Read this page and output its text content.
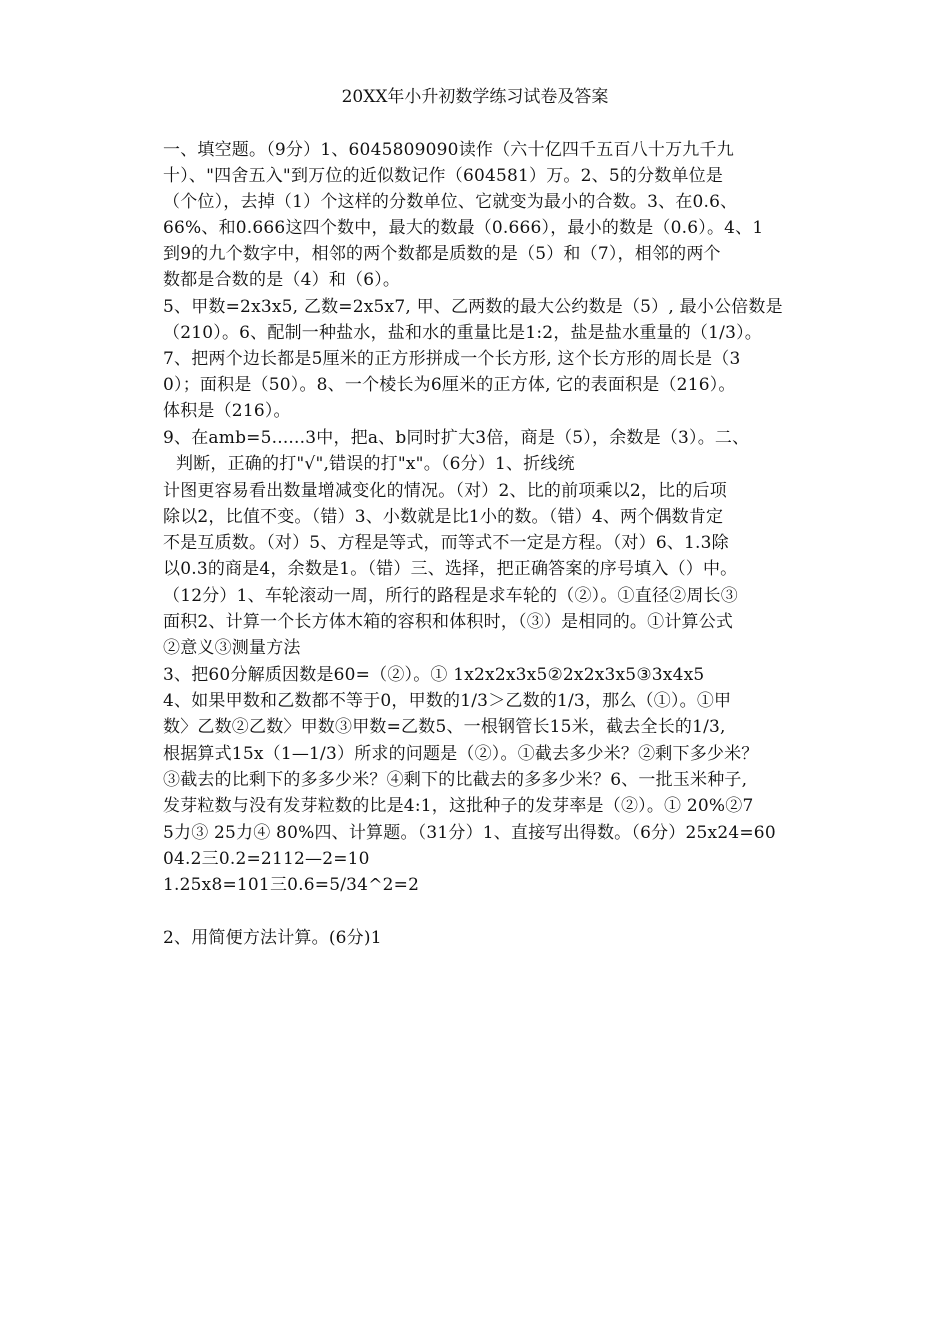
20XX年小升初数学练习试卷及答案
一、填空题。（9分）1、6045809090读作（六十亿四千五百八十万九千九
十）、"四舍五入"到万位的近似数记作（604581）万。2、5的分数单位是
（个位），去掉（1）个这样的分数单位、它就变为最小的合数。3、在0.6、
66%、和0.666这四个数中，最大的数最（0.666），最小的数是（0.6）。4、1
到9的九个数字中，相邻的两个数都是质数的是（5）和（7），相邻的两个
数都是合数的是（4）和（6）。
5、甲数=2x3x5, 乙数=2x5x7, 甲、乙两数的最大公约数是（5）, 最小公倍数是
（210）。6、配制一种盐水，盐和水的重量比是1:2，盐是盐水重量的（1/3）。
7、把两个边长都是5厘米的正方形拼成一个长方形, 这个长方形的周长是（3
0）；面积是（50）。8、一个棱长为6厘米的正方体, 它的表面积是（216）。
体积是（216）。
9、在amb=5......3中，把a、b同时扩大3倍，商是（5），余数是（3）。二、
判断，正确的打"√",错误的打"x"。（6分）1、折线统
计图更容易看出数量增减变化的情况。（对）2、比的前项乘以2，比的后项
除以2，比值不变。（错）3、小数就是比1小的数。（错）4、两个偶数肯定
不是互质数。（对）5、方程是等式，而等式不一定是方程。（对）6、1.3除
以0.3的商是4，余数是1。（错）三、选择，把正确答案的序号填入（）中。
（12分）1、车轮滚动一周，所行的路程是求车轮的（②）。①直径②周长③
面积2、计算一个长方体木箱的容积和体积时，（③）是相同的。①计算公式
②意义③测量方法
3、把60分解质因数是60=（②）。① 1x2x2x3x5②2x2x3x5③3x4x5
4、如果甲数和乙数都不等于0，甲数的1/3＞乙数的1/3，那么（①）。①甲
数〉乙数②乙数〉甲数③甲数=乙数5、一根钢管长15米，截去全长的1/3,
根据算式15x（1—1/3）所求的问题是（②）。①截去多少米？②剩下多少米？
③截去的比剩下的多多少米？④剩下的比截去的多多少米？6、一批玉米种子,
发芽粒数与没有发芽粒数的比是4:1，这批种子的发芽率是（②）。① 20%②7
5力③ 25力④ 80%四、计算题。（31分）1、直接写出得数。（6分）25x24=60
04.2三0.2=2112—2=10
1.25x8=101三0.6=5/34^2=2
2、用简便方法计算。(6分)1
